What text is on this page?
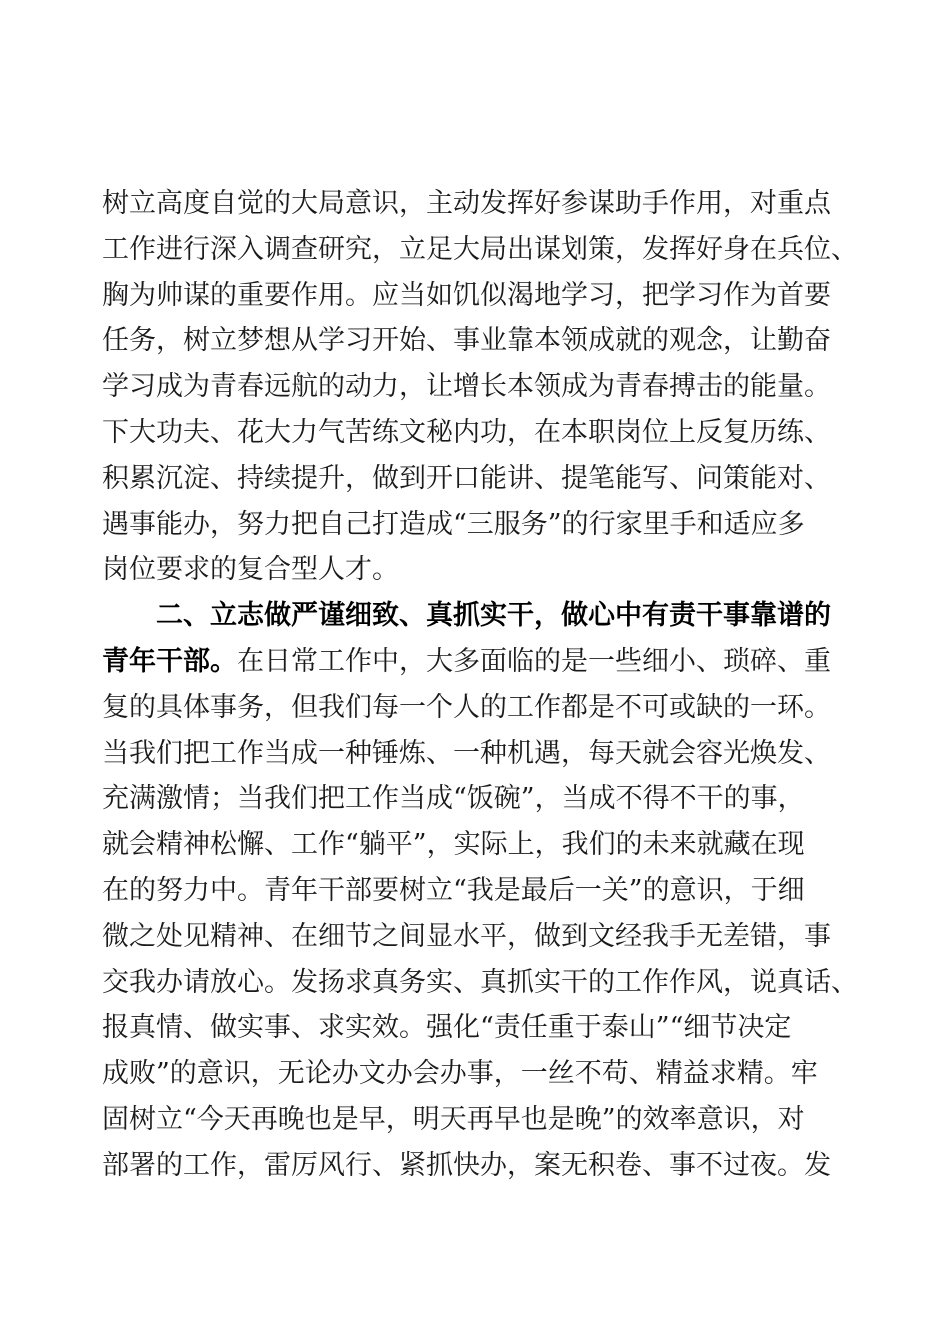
树立高度自觉的大局意识，主动发挥好参谋助手作用，对重点
工作进行深入调查研究，立足大局出谋划策，发挥好身在兵位、
胸为帅谋的重要作用。应当如饥似渴地学习，把学习作为首要
任务，树立梦想从学习开始、事业靠本领成就的观念，让勤奋
学习成为青春远航的动力，让增长本领成为青春搏击的能量。
下大功夫、花大力气苦练文秘内功，在本职岗位上反复历练、
积累沉淀、持续提升，做到开口能讲、提笔能写、问策能对、
遇事能办，努力把自己打造成“三服务”的行家里手和适应多
岗位要求的复合型人才。
二、立志做严谨细致、真抓实干，做心中有责干事靠谱的
青年干部。在日常工作中，大多面临的是一些细小、琐碎、重
复的具体事务，但我们每一个人的工作都是不可或缺的一环。
当我们把工作当成一种锤炼、一种机遇，每天就会容光焕发、
充满激情；当我们把工作当成“饭碗”，当成不得不干的事，
就会精神松懈、工作“躺平”，实际上，我们的未来就藏在现
在的努力中。青年干部要树立“我是最后一关”的意识，于细
微之处见精神、在细节之间显水平，做到文经我手无差错，事
交我办请放心。发扬求真务实、真抓实干的工作作风，说真话、
报真情、做实事、求实效。强化“责任重于泰山”“细节决定
成败”的意识，无论办文办会办事，一丝不苟、精益求精。牢
固树立“今天再晚也是早，明天再早也是晚”的效率意识，对
部署的工作，雷厉风行、紧抓快办，案无积卷、事不过夜。发
